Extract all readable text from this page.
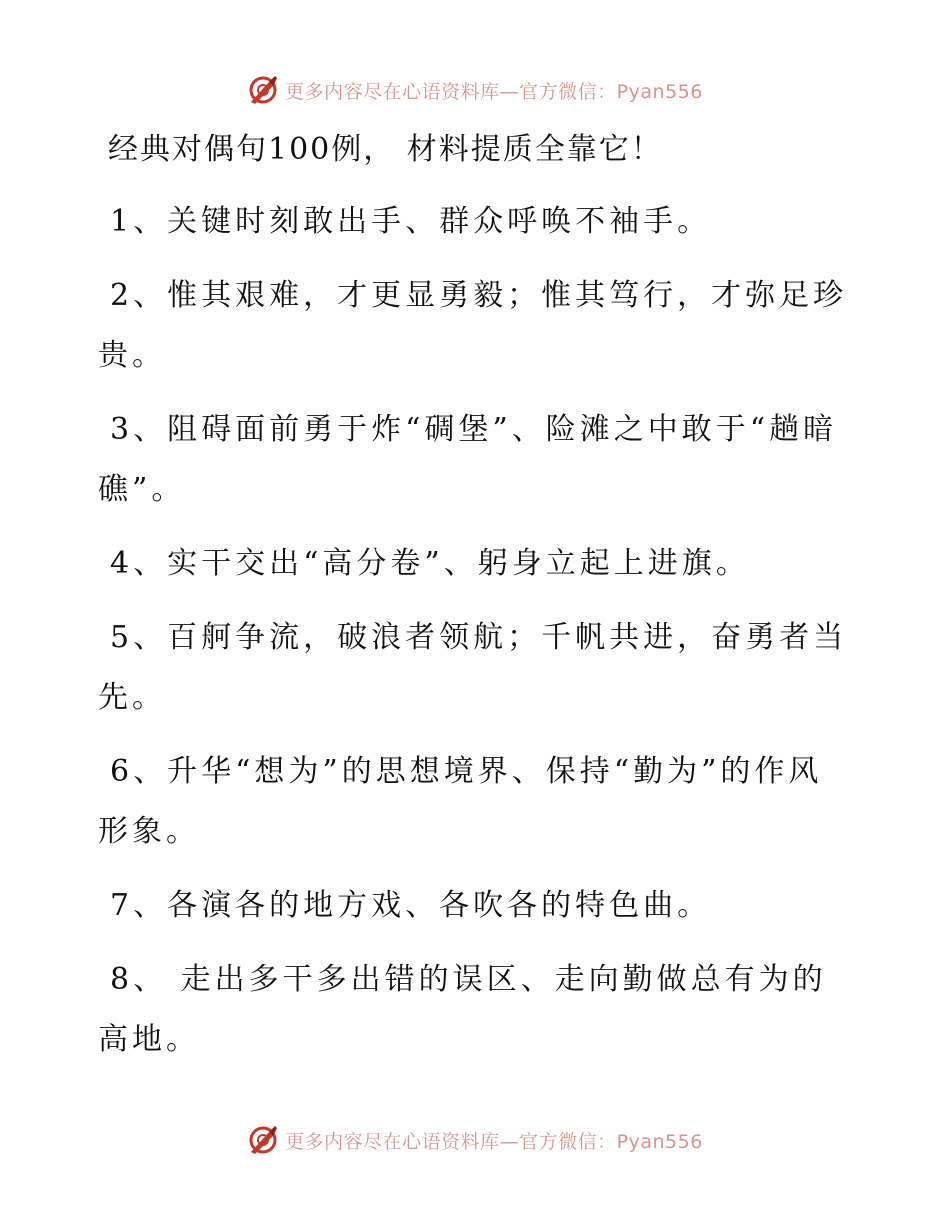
更多内容尽在心语资料库—官方微信：Pyan556
经典对偶句100例， 材料提质全靠它！
1、关键时刻敢出手、群众呼唤不袖手。
2、惟其艰难，才更显勇毅；惟其笃行，才弥足珍贵。
3、阻碍面前勇于炸“碉堡”、险滩之中敢于“趟暗礁”。
4、实干交出“高分卷”、躬身立起上进旗。
5、百舸争流，破浪者领航；千帆共进，奋勇者当先。
6、升华“想为”的思想境界、保持“勤为”的作风形象。
7、各演各的地方戏、各吹各的特色曲。
8、 走出多干多出错的误区、走向勤做总有为的高地。
更多内容尽在心语资料库—官方微信：Pyan556
